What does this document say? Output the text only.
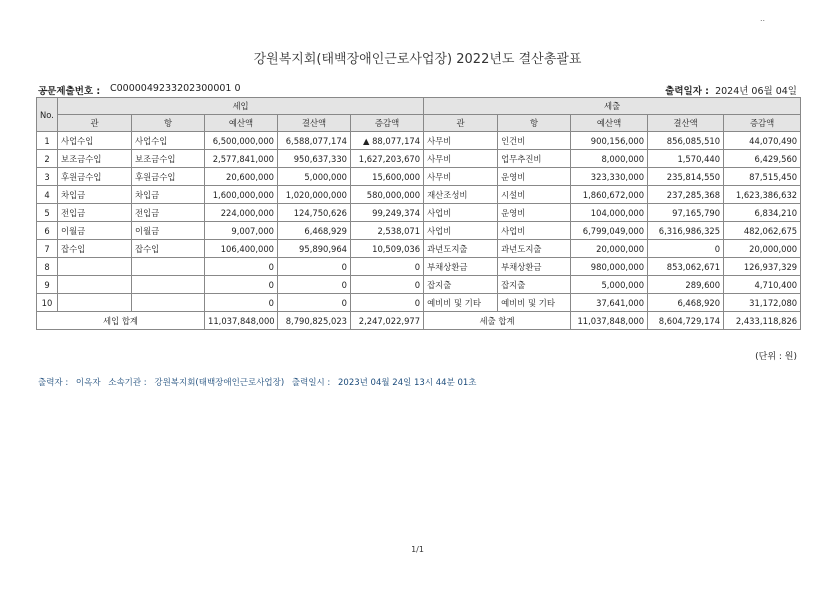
..
강원복지회(태백장애인근로사업장) 2022년도 결산총괄표
공문제출번호 : C0000049233202300001 0	출력일자 : 2024년 06월 04일
No.	세입					세출				
	관	항	예산액	결산액	증감액	관	항	예산액	결산액	증감액
1	사업수입	사업수입	6,500,000,000	6,588,077,174	▲ 88,077,174	사무비	인건비	900,156,000	856,085,510	44,070,490
2	보조금수입	보조금수입	2,577,841,000	950,637,330	1,627,203,670	사무비	업무추진비	8,000,000	1,570,440	6,429,560
3	후원금수입	후원금수입	20,600,000	5,000,000	15,600,000	사무비	운영비	323,330,000	235,814,550	87,515,450
4	차입금	차입금	1,600,000,000	1,020,000,000	580,000,000	재산조성비	시설비	1,860,672,000	237,285,368	1,623,386,632
5	전입금	전입금	224,000,000	124,750,626	99,249,374	사업비	운영비	104,000,000	97,165,790	6,834,210
6	이월금	이월금	9,007,000	6,468,929	2,538,071	사업비	사업비	6,799,049,000	6,316,986,325	482,062,675
7	잡수입	잡수입	106,400,000	95,890,964	10,509,036	과년도지출	과년도지출	20,000,000	0	20,000,000
8			0	0	0	부채상환금	부채상환금	980,000,000	853,062,671	126,937,329
9			0	0	0	잡지출	잡지출	5,000,000	289,600	4,710,400
10			0	0	0	예비비 및 기타	예비비 및 기타	37,641,000	6,468,920	31,172,080
세입 합계			11,037,848,000	8,790,825,023	2,247,022,977	세출 합계		11,037,848,000	8,604,729,174	2,433,118,826
(단위 : 원)
출력자 : 이옥자 소속기관 : 강원복지회(태백장애인근로사업장) 출력일시 : 2023년 04월 24일 13시 44분 01초
1/1
